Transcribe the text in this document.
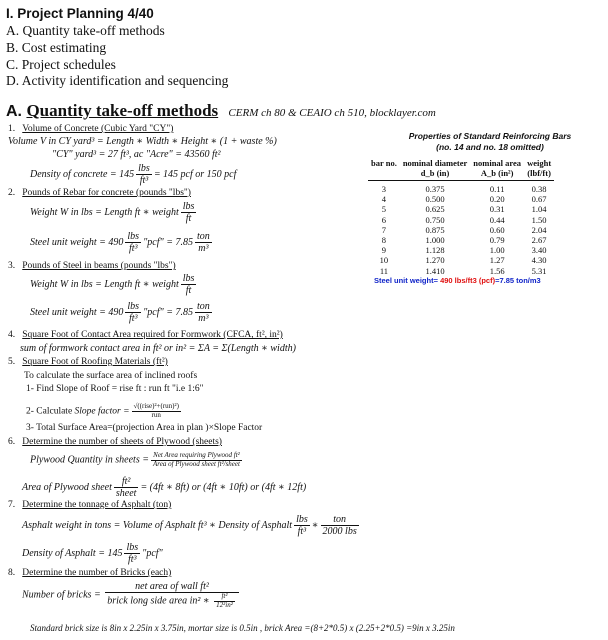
I. Project Planning 4/40
A. Quantity take-off methods
B. Cost estimating
C. Project schedules
D. Activity identification and sequencing
A. Quantity take-off methods CERM ch 80 & CEAIO ch 510, blocklayer.com
1. Volume of Concrete (Cubic Yard "CY")
Volume V in CY yard³ = Length ∗ Width ∗ Height ∗ (1 + waste %)
"CY" yard³ = 27 ft³, ac "Acre" = 43560 ft²
Density of concrete = $145 \frac{\text{lbs}}{\text{ft³}} = 145$ pcf or 150 pcf
2. Pounds of Rebar for concrete (pounds "lbs")
Weight W in lbs = Length ft ∗ weight $\frac{\text{lbs}}{ft}$
Steel unit weight = $490 \frac{\text{lbs}}{\text{ft³}}$ "pcf" = $7.85 \frac{\text{ton}}{\text{m³}}$
3. Pounds of Steel in beams (pounds "lbs")
Weight W in lbs = Length ft ∗ weight $\frac{\text{lbs}}{ft}$
Steel unit weight = $490 \frac{\text{lbs}}{\text{ft³}}$ "pcf" = $7.85 \frac{\text{ton}}{\text{m³}}$
4. Square Foot of Contact Area required for Formwork (CFCA, ft², in²)
sum of formwork contact area in ft² or in² = ΣA = Σ(Length ∗ width)
5. Square Foot of Roofing Materials (ft²)
To calculate the surface area of inclined roofs
1- Find Slope of Roof = rise ft : run ft "i.e 1:6"
2- Calculate Slope factor = $\frac{\text{√((rise)²+(run)²)}}{\text{run}}$
3- Total Surface Area=(projection Area in plan )×Slope Factor
6. Determine the number of sheets of Plywood (sheets)
Plywood Quantity in sheets = $\frac{\text{Net Area requiring Plywood ft²}}{\text{Area of Plywood sheet ft²/sheet}}$
Area of Plywood sheet $\frac{\text{ft²}}{\text{sheet}} = (4ft$ ∗ 8ft) or (4ft ∗ 10ft) or (4ft ∗ 12ft)
7. Determine the tonnage of Asphalt (ton)
Asphalt weight in tons = Volume of Asphalt ft³ ∗ Density of Asphalt $\frac{\text{lbs}}{\text{ft³}}$ ∗ $\frac{\text{ton}}{\text{2000 lbs}}$
Density of Asphalt = $145 \frac{\text{lbs}}{\text{ft³}}$ "pcf"
8. Determine the number of Bricks (each)
Number of bricks = $\frac{\text{net area of wall ft²}}{brick long side area in^2 ∗ \frac{\text{ft²}}{\text{12²in²}}}$
Standard brick size is 8in x 2.25in x 3.75in, mortar size is 0.5in , brick Area =(8+2*0.5) x (2.25+2*0.5) =9in x 3.25in
Properties of Standard Reinforcing Bars
(no. 14 and no. 18 omitted)
bar no.	nominal diameter	nominal area	weight
	d_b (in)	A_b (in²)	(lbf/ft)
3	0.375	0.11	0.38
4	0.500	0.20	0.67
5	0.625	0.31	1.04
6	0.750	0.44	1.50
7	0.875	0.60	2.04
8	1.000	0.79	2.67
9	1.128	1.00	3.40
10	1.270	1.27	4.30
11	1.410	1.56	5.31
Steel unit weight= 490 lbs/ft3 (pcf)=7.85 ton/m3
